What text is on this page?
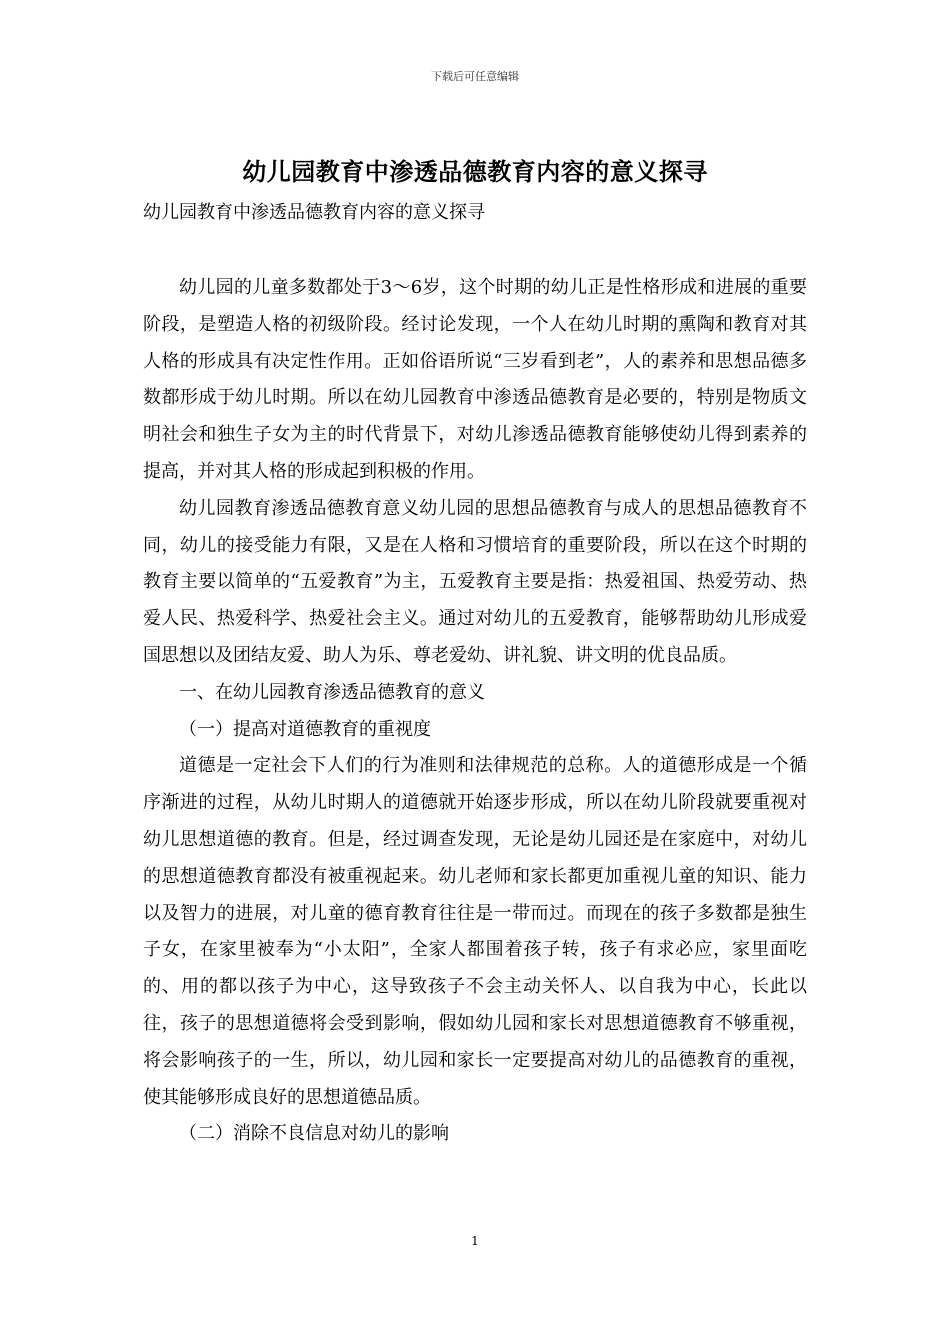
下载后可任意编辑
幼儿园教育中渗透品德教育内容的意义探寻
幼儿园教育中渗透品德教育内容的意义探寻

幼儿园的儿童多数都处于3～6岁，这个时期的幼儿正是性格形成和进展的重要阶段，是塑造人格的初级阶段。经讨论发现，一个人在幼儿时期的熏陶和教育对其人格的形成具有决定性作用。正如俗语所说“三岁看到老”，人的素养和思想品德多数都形成于幼儿时期。所以在幼儿园教育中渗透品德教育是必要的，特别是物质文明社会和独生子女为主的时代背景下，对幼儿渗透品德教育能够使幼儿得到素养的提高，并对其人格的形成起到积极的作用。

幼儿园教育渗透品德教育意义幼儿园的思想品德教育与成人的思想品德教育不同，幼儿的接受能力有限，又是在人格和习惯培育的重要阶段，所以在这个时期的教育主要以简单的“五爱教育”为主，五爱教育主要是指：热爱祖国、热爱劳动、热爱人民、热爱科学、热爱社会主义。通过对幼儿的五爱教育，能够帮助幼儿形成爱国思想以及团结友爱、助人为乐、尊老爱幼、讲礼貌、讲文明的优良品质。

一、在幼儿园教育渗透品德教育的意义

（一）提高对道德教育的重视度

道德是一定社会下人们的行为准则和法律规范的总称。人的道德形成是一个循序渐进的过程，从幼儿时期人的道德就开始逐步形成，所以在幼儿阶段就要重视对幼儿思想道德的教育。但是，经过调查发现，无论是幼儿园还是在家庭中，对幼儿的思想道德教育都没有被重视起来。幼儿老师和家长都更加重视儿童的知识、能力以及智力的进展，对儿童的德育教育往往是一带而过。而现在的孩子多数都是独生子女，在家里被奉为“小太阳”，全家人都围着孩子转，孩子有求必应，家里面吃的、用的都以孩子为中心，这导致孩子不会主动关怀人、以自我为中心，长此以往，孩子的思想道德将会受到影响，假如幼儿园和家长对思想道德教育不够重视，将会影响孩子的一生，所以，幼儿园和家长一定要提高对幼儿的品德教育的重视，使其能够形成良好的思想道德品质。

（二）消除不良信息对幼儿的影响

1
